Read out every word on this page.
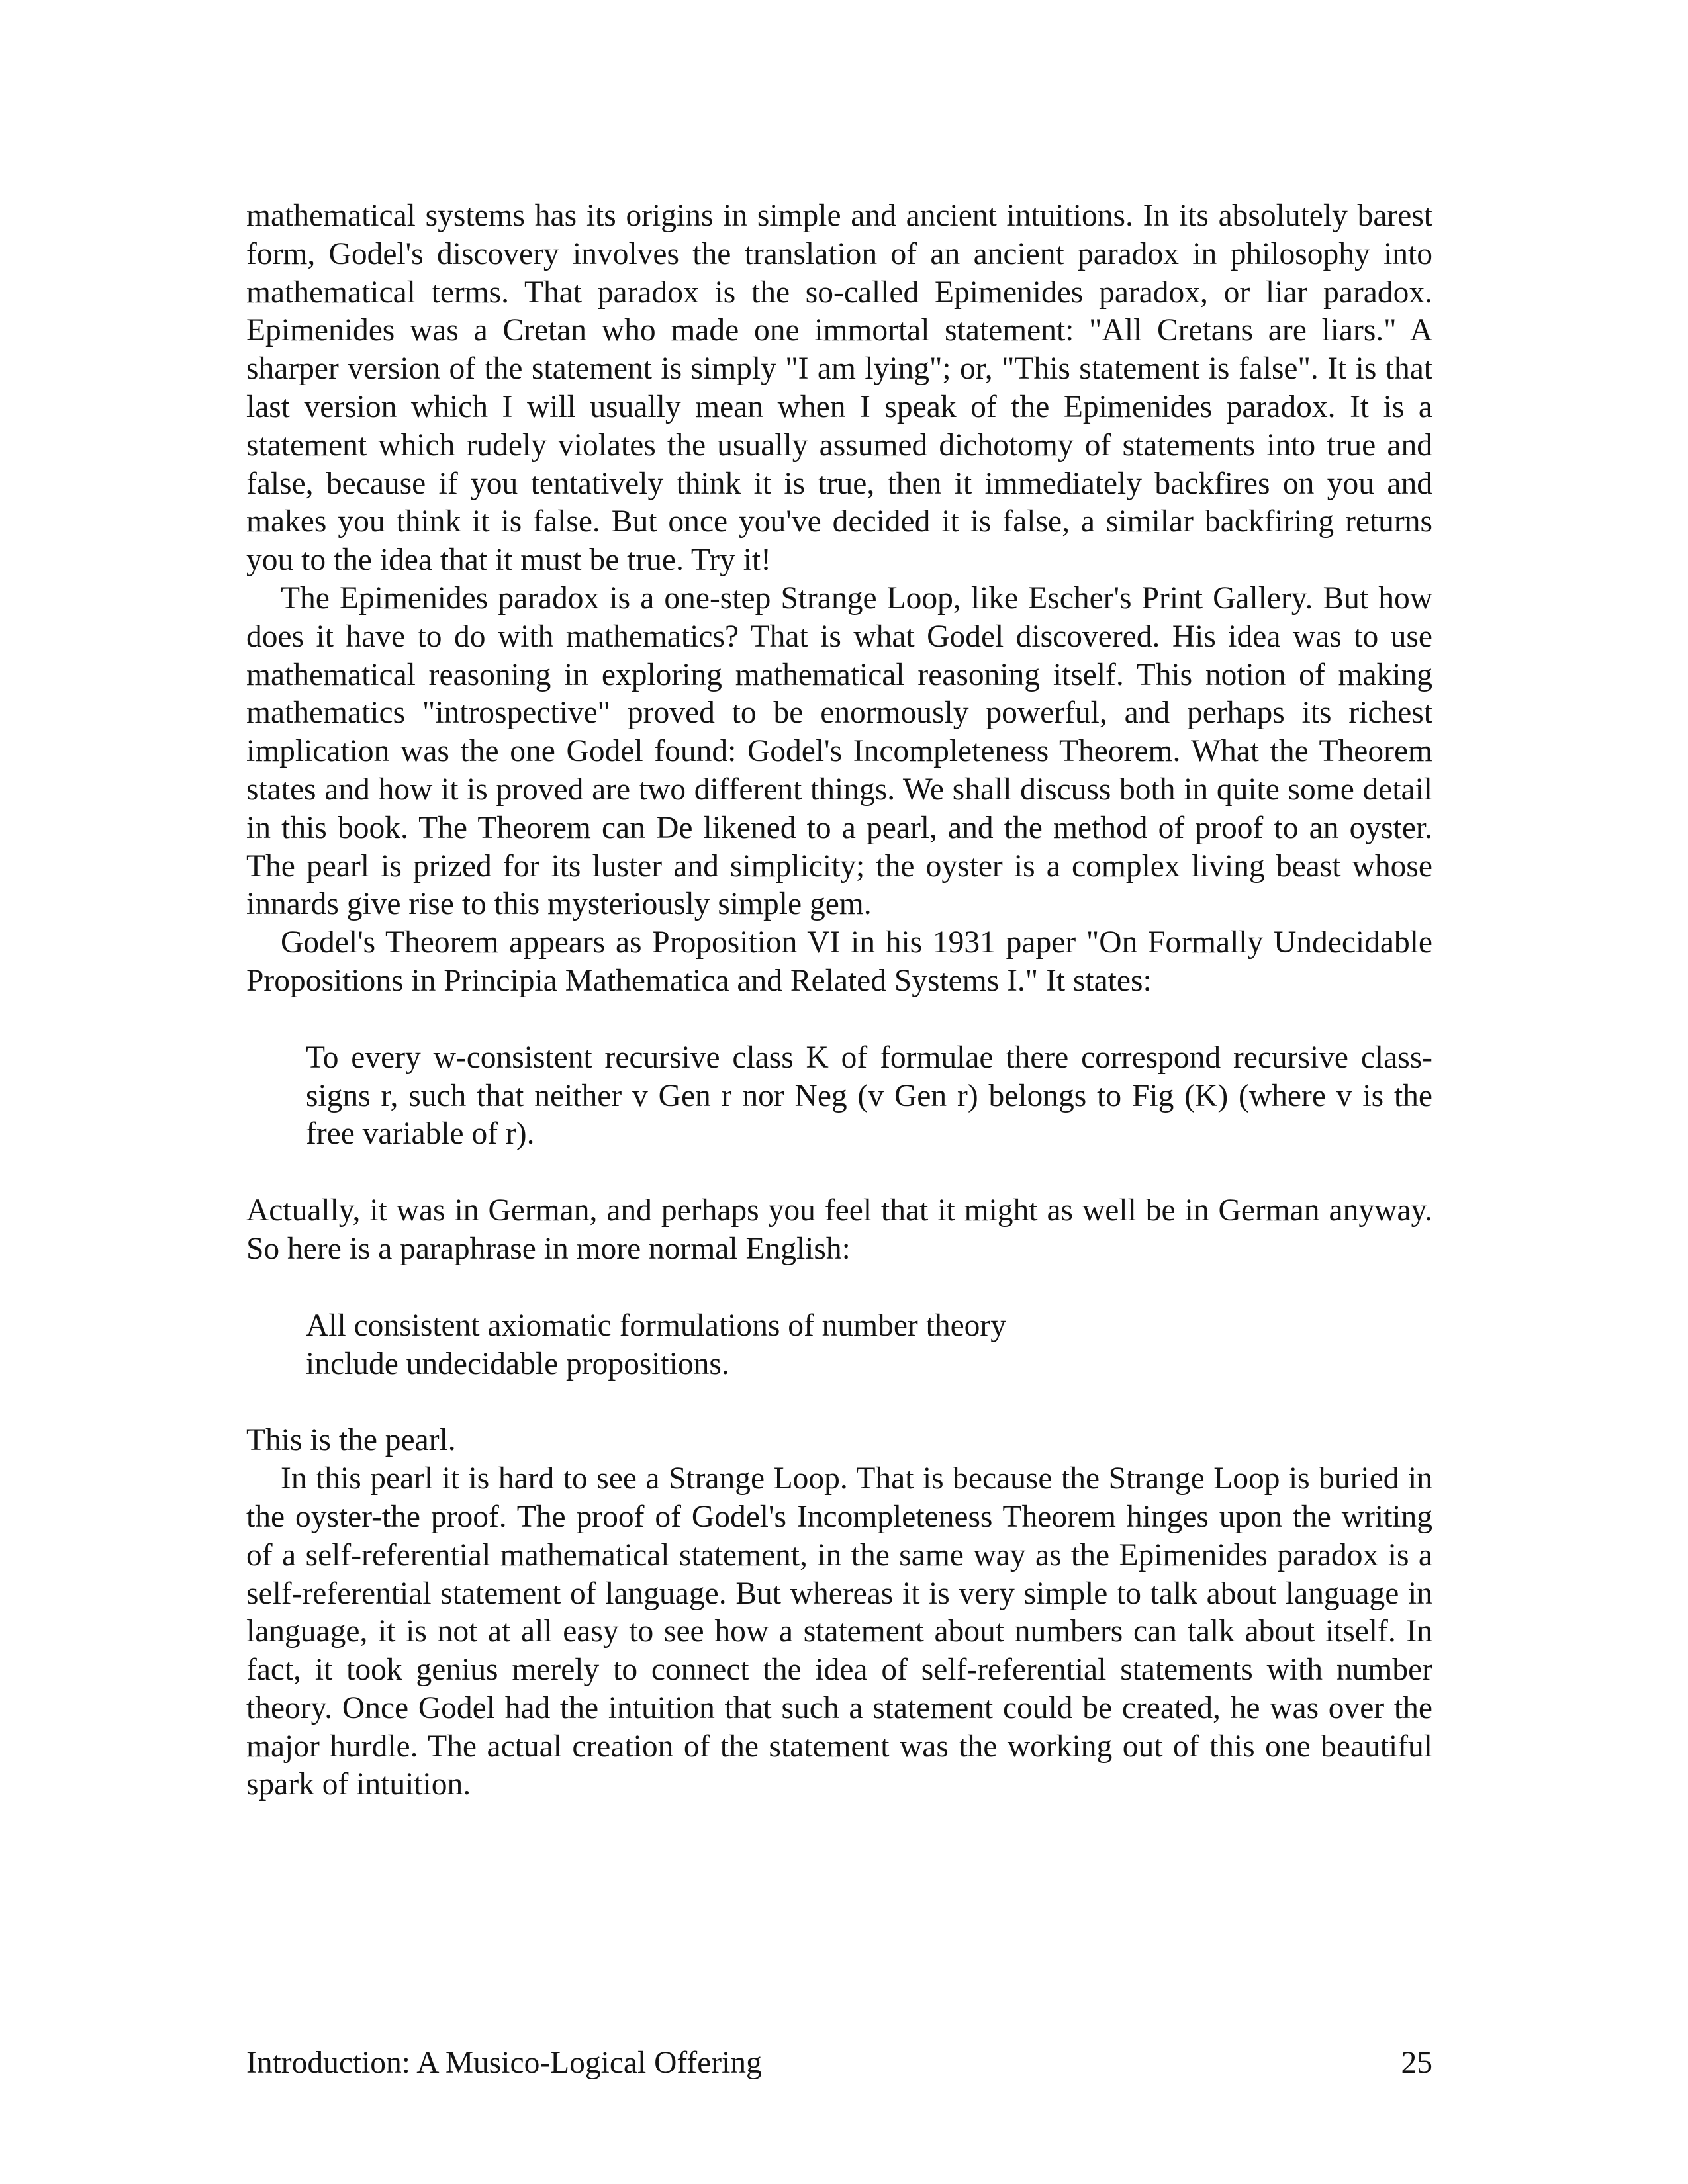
mathematical systems has its origins in simple and ancient intuitions. In its absolutely barest form, Godel's discovery involves the translation of an ancient paradox in philosophy into mathematical terms. That paradox is the so-called Epimenides paradox, or liar paradox. Epimenides was a Cretan who made one immortal statement: "All Cretans are liars." A sharper version of the statement is simply "I am lying"; or, "This statement is false". It is that last version which I will usually mean when I speak of the Epimenides paradox. It is a statement which rudely violates the usually assumed dichotomy of statements into true and false, because if you tentatively think it is true, then it immediately backfires on you and makes you think it is false. But once you've decided it is false, a similar backfiring returns you to the idea that it must be true. Try it!

The Epimenides paradox is a one-step Strange Loop, like Escher's Print Gallery. But how does it have to do with mathematics? That is what Godel discovered. His idea was to use mathematical reasoning in exploring mathematical reasoning itself. This notion of making mathematics "introspective" proved to be enormously powerful, and perhaps its richest implication was the one Godel found: Godel's Incompleteness Theorem. What the Theorem states and how it is proved are two different things. We shall discuss both in quite some detail in this book. The Theorem can De likened to a pearl, and the method of proof to an oyster. The pearl is prized for its luster and simplicity; the oyster is a complex living beast whose innards give rise to this mysteriously simple gem.

Godel's Theorem appears as Proposition VI in his 1931 paper "On Formally Undecidable Propositions in Principia Mathematica and Related Systems I." It states:

To every w-consistent recursive class K of formulae there correspond recursive class-signs r, such that neither v Gen r nor Neg (v Gen r) belongs to Fig (K) (where v is the free variable of r).

Actually, it was in German, and perhaps you feel that it might as well be in German anyway. So here is a paraphrase in more normal English:

All consistent axiomatic formulations of number theory
include undecidable propositions.

This is the pearl.

In this pearl it is hard to see a Strange Loop. That is because the Strange Loop is buried in the oyster-the proof. The proof of Godel's Incompleteness Theorem hinges upon the writing of a self-referential mathematical statement, in the same way as the Epimenides paradox is a self-referential statement of language. But whereas it is very simple to talk about language in language, it is not at all easy to see how a statement about numbers can talk about itself. In fact, it took genius merely to connect the idea of self-referential statements with number theory. Once Godel had the intuition that such a statement could be created, he was over the major hurdle. The actual creation of the statement was the working out of this one beautiful spark of intuition.

Introduction: A Musico-Logical Offering	25
